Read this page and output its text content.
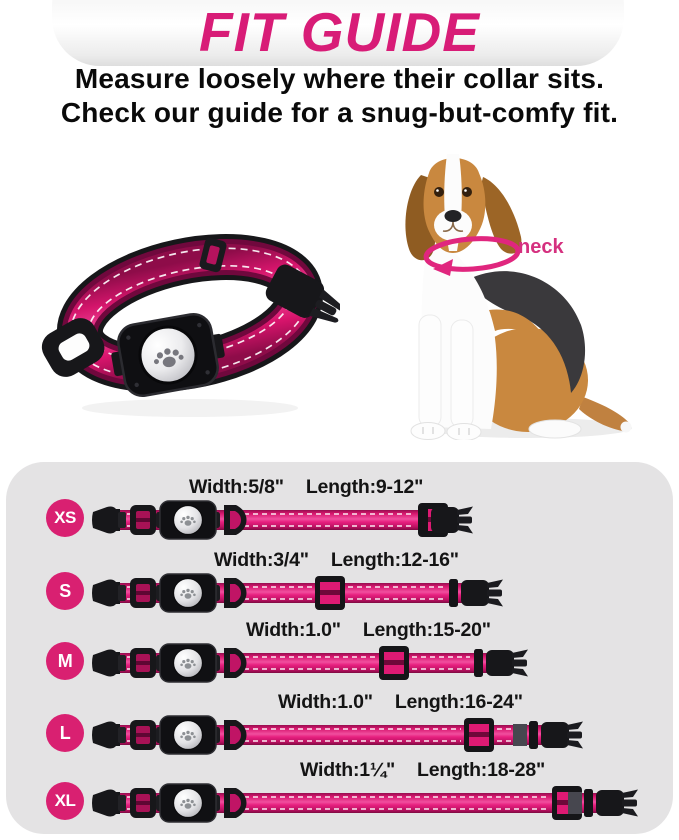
FIT GUIDE
Measure loosely where their collar sits.
Check our guide for a snug-but-comfy fit.
neck
XS
Width:5/8" Length:9-12"
S
Width:3/4" Length:12-16"
M
Width:1.0" Length:15-20"
L
Width:1.0" Length:16-24"
XL
Width:1¼" Length:18-28"
